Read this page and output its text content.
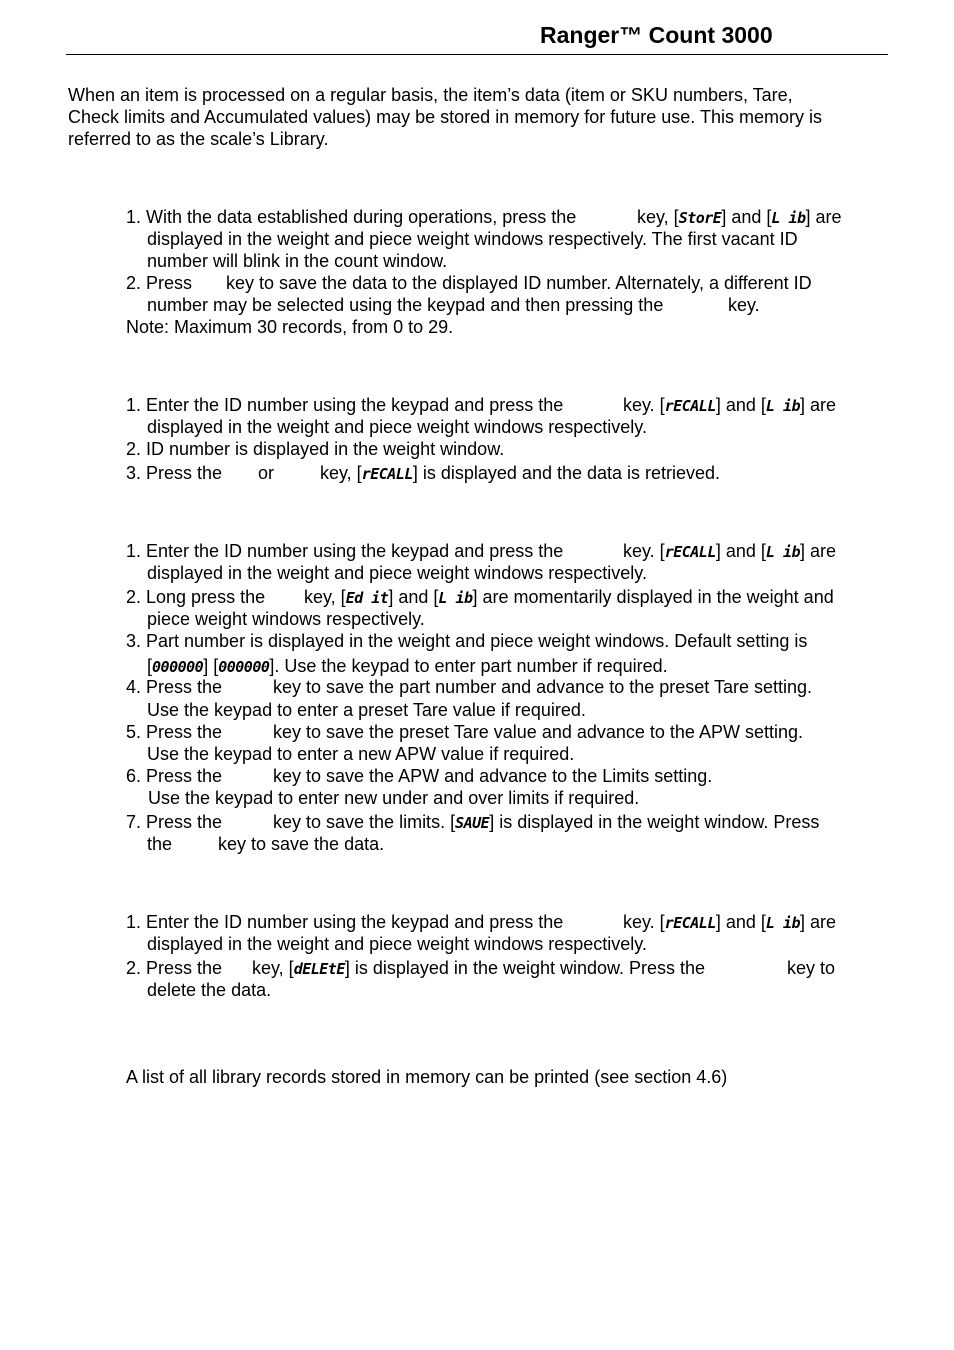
Ranger™ Count 3000
When an item is processed on a regular basis, the item’s data (item or SKU numbers, Tare,
Check limits and Accumulated values) may be stored in memory for future use. This memory is
referred to as the scale’s Library.
1. With the data established during operations, press the	key, [StorE] and [L ib] are
displayed in the weight and piece weight windows respectively. The first vacant ID
number will blink in the count window.
2. Press key to save the data to the displayed ID number. Alternately, a different ID
number may be selected using the keypad and then pressing the	key.
Note: Maximum 30 records, from 0 to 29.
1. Enter the ID number using the keypad and press the	key. [rECALL] and [L ib] are
displayed in the weight and piece weight windows respectively.
2. ID number is displayed in the weight window.
3. Press the or	key, [rECALL] is displayed and the data is retrieved.
1. Enter the ID number using the keypad and press the	key. [rECALL] and [L ib] are
displayed in the weight and piece weight windows respectively.
2. Long press the key, [Ed it] and [L ib] are momentarily displayed in the weight and
piece weight windows respectively.
3. Part number is displayed in the weight and piece weight windows. Default setting is
[000000] [000000]. Use the keypad to enter part number if required.
4. Press the	key to save the part number and advance to the preset Tare setting.
Use the keypad to enter a preset Tare value if required.
5. Press the	key to save the preset Tare value and advance to the APW setting.
Use the keypad to enter a new APW value if required.
6. Press the	key to save the APW and advance to the Limits setting.
Use the keypad to enter new under and over limits if required.
7. Press the	key to save the limits. [SAUE] is displayed in the weight window. Press
the	key to save the data.
1. Enter the ID number using the keypad and press the	key. [rECALL] and [L ib] are
displayed in the weight and piece weight windows respectively.
2. Press the key, [dELEtE] is displayed in the weight window. Press the	key to
delete the data.
A list of all library records stored in memory can be printed (see section 4.6)
